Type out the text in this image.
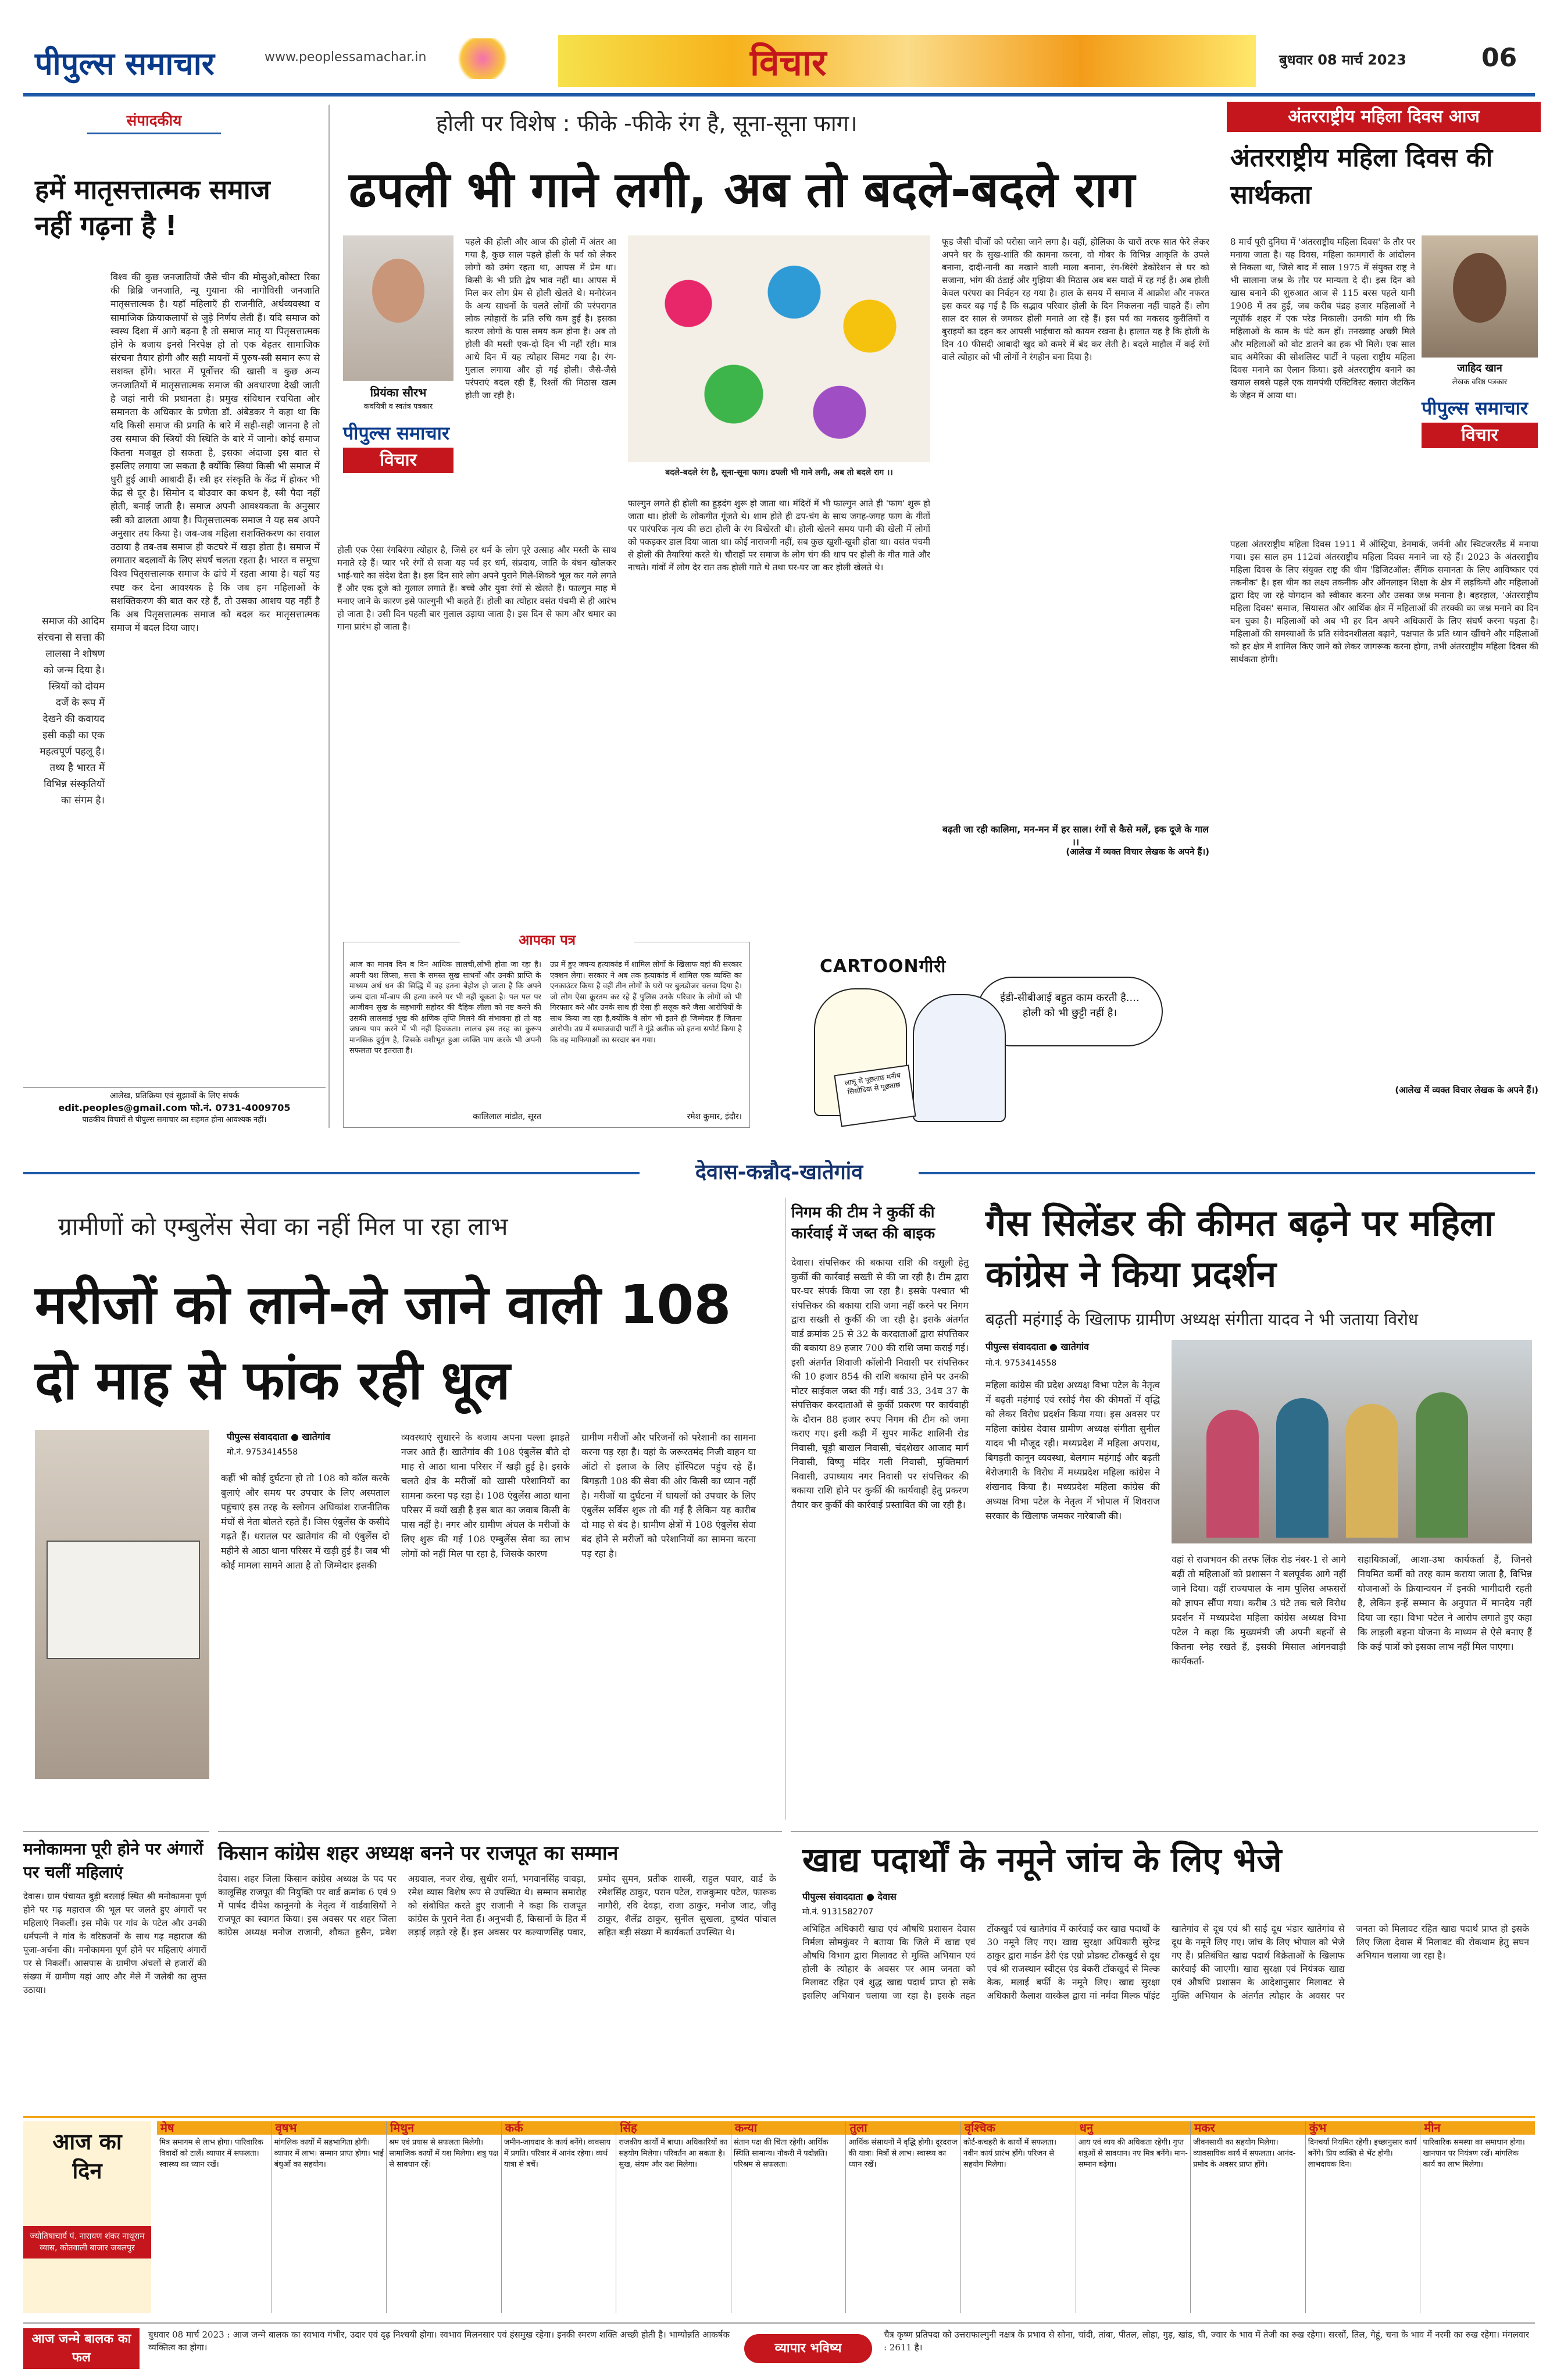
पीपुल्स समाचार	www.peoplessamachar.in	विचार	बुधवार 08 मार्च 2023	06
संपादकीय
हमें मातृसत्तात्मक समाज नहीं गढ़ना है !
विश्व की कुछ जनजातियों जैसे चीन की मोसुओ,कोस्टा रिका की ब्रिब्रि जनजाति, न्यू गुयाना की नागोविसी जनजाति मातृसत्तात्मक है। यहाँ महिलाएँ ही राजनीति, अर्थव्यवस्था व सामाजिक क्रियाकलापों से जुड़े निर्णय लेती हैं। यदि समाज को स्वस्थ दिशा में आगे बढ़ना है तो समाज मातृ या पितृसत्तात्मक होने के बजाय इनसे निरपेक्ष हो तो एक बेहतर सामाजिक संरचना तैयार होगी और सही मायनों में पुरुष-स्त्री समान रूप से सशक्त होंगे। भारत में पूर्वोत्तर की खासी व कुछ अन्य जनजातियों में मातृसत्तात्मक समाज की अवधारणा देखी जाती है जहां नारी की प्रधानता है। प्रमुख संविधान रचयिता और समानता के अधिकार के प्रणेता डॉ. अंबेडकर ने कहा था कि यदि किसी समाज की प्रगति के बारे में सही-सही जानना है तो उस समाज की स्त्रियों की स्थिति के बारे में जानो। कोई समाज कितना मजबूत हो सकता है, इसका अंदाजा इस बात से इसलिए लगाया जा सकता है क्योंकि स्त्रियां किसी भी समाज में धुरी हुई आधी आबादी हैं। स्त्री हर संस्कृति के केंद्र में होकर भी केंद्र से दूर है। सिमोन द बोउवार का कथन है, स्त्री पैदा नहीं होती, बनाई जाती है। समाज अपनी आवश्यकता के अनुसार स्त्री को ढालता आया है। पितृसत्तात्मक समाज ने यह सब अपने अनुसार तय किया है। जब-जब महिला सशक्तिकरण का सवाल उठाया है तब-तब समाज ही कटघरे में खड़ा होता है। समाज में लगातार बदलावों के लिए संघर्ष चलता रहता है। भारत व समूचा विश्व पितृसत्तात्मक समाज के ढांचे में रहता आया है। यहाँ यह स्पष्ट कर देना आवश्यक है कि जब हम महिलाओं के सशक्तिकरण की बात कर रहे हैं, तो उसका आशय यह नहीं है कि अब पितृसत्तात्मक समाज को बदल कर मातृसत्तात्मक समाज में बदल दिया जाए।
समाज की आदिम संरचना से सत्ता की लालसा ने शोषण को जन्म दिया है। स्त्रियों को दोयम दर्जे के रूप में देखने की कवायद इसी कड़ी का एक महत्वपूर्ण पहलू है। तथ्य है भारत में विभिन्न संस्कृतियों का संगम है।
आलेख, प्रतिक्रिया एवं सुझावों के लिए संपर्क
edit.peoples@gmail.com फो.नं. 0731-4009705
पाठकीय विचारों से पीपुल्स समाचार का सहमत होना आवश्यक नहीं।
होली पर विशेष : फीके -फीके रंग है, सूना-सूना फाग।
ढपली भी गाने लगी, अब तो बदले-बदले राग
प्रियंका सौरभ
कवयित्री व स्वतंत्र पत्रकार
पीपुल्स समाचार
विचार
पहले की होली और आज की होली में अंतर आ गया है, कुछ साल पहले होली के पर्व को लेकर लोगों को उमंग रहता था, आपस में प्रेम था। किसी के भी प्रति द्वेष भाव नहीं था। आपस में मिल कर लोग प्रेम से होली खेलते थे। मनोरंजन के अन्य साधनों के चलते लोगों की परंपरागत लोक त्योहारों के प्रति रुचि कम हुई है। इसका कारण लोगों के पास समय कम होना है। अब तो होली की मस्ती एक-दो दिन भी नहीं रही। मात्र आधे दिन में यह त्योहार सिमट गया है। रंग-गुलाल लगाया और हो गई होली। जैसे-जैसे परंपराएं बदल रही हैं, रिश्तों की मिठास खत्म होती जा रही है।
बदले-बदले रंग है, सूना-सूना फाग। ढपली भी गाने लगी, अब तो बदले राग ।।
होली एक ऐसा रंगबिरंगा त्योहार है, जिसे हर धर्म के लोग पूरे उत्साह और मस्ती के साथ मनाते रहे हैं। प्यार भरे रंगों से सजा यह पर्व हर धर्म, संप्रदाय, जाति के बंधन खोलकर भाई-चारे का संदेश देता है। इस दिन सारे लोग अपने पुराने गिले-शिकवे भूल कर गले लगते हैं और एक दूजे को गुलाल लगाते हैं। बच्चे और युवा रंगों से खेलते हैं। फाल्गुन माह में मनाए जाने के कारण इसे फाल्गुनी भी कहते हैं। होली का त्योहार वसंत पंचमी से ही आरंभ हो जाता है। उसी दिन पहली बार गुलाल उड़ाया जाता है। इस दिन से फाग और धमार का गाना प्रारंभ हो जाता है।
फाल्गुन लगते ही होली का हुड़दंग शुरू हो जाता था। मंदिरों में भी फाल्गुन आते ही 'फाग' शुरू हो जाता था। होली के लोकगीत गूंजते थे। शाम होते ही ढप-चंग के साथ जगह-जगह फाग के गीतों पर पारंपरिक नृत्य की छटा होली के रंग बिखेरती थी। होली खेलने समय पानी की खेली में लोगों को पकड़कर डाल दिया जाता था। कोई नाराजगी नहीं, सब कुछ खुशी-खुशी होता था। वसंत पंचमी से होली की तैयारियां करते थे। चौराहों पर समाज के लोग चंग की थाप पर होली के गीत गाते और नाचते। गांवों में लोग देर रात तक होली गाते थे तथा घर-घर जा कर होली खेलते थे।
फूड जैसी चीजों को परोसा जाने लगा है। वहीं, होलिका के चारों तरफ सात फेरे लेकर अपने घर के सुख-शांति की कामना करना, वो गोबर के विभिन्न आकृति के उपले बनाना, दादी-नानी का मखाने वाली माला बनाना, रंग-बिरंगे डेकोरेशन से घर को सजाना, भांग की ठंडाई और गुझिया की मिठास अब बस यादों में रह गई हैं। अब होली केवल परंपरा का निर्वहन रह गया है। हाल के समय में समाज में आक्रोश और नफरत इस कदर बढ़ गई है कि सद्भाव परिवार होली के दिन निकलना नहीं चाहते हैं। लोग साल दर साल से जमकर होली मनाते आ रहे हैं। इस पर्व का मकसद कुरीतियों व बुराइयों का दहन कर आपसी भाईचारा को कायम रखना है। हालात यह है कि होली के दिन 40 फीसदी आबादी खुद को कमरे में बंद कर लेती है। बदले माहौल में कई रंगों वाले त्योहार को भी लोगों ने रंगहीन बना दिया है।
बढ़ती जा रही कालिमा, मन-मन में हर साल। रंगों से कैसे मलें, इक दूजे के गाल ।।
(आलेख में व्यक्त विचार लेखक के अपने हैं।)
आपका पत्र
आज का मानव दिन ब दिन आधिक लालची,लोभी होता जा रहा है। अपनी यश लिप्सा, सत्ता के समस्त सुख साधनों और उनकी प्राप्ति के माध्यम अर्थ धन की सिद्धि में वह इतना बेहोश हो जाता है कि अपने जन्म दाता माँ-बाप की हत्या करने पर भी नहीं चूकता है। पल पल पर आजीवन सुख के सहभागी सहोदर की दैहिक लीला को नष्ट करने की उसकी लालसाई भूख की क्षणिक तृप्ति मिलने की संभावना हो तो वह जघन्य पाप करने में भी नहीं हिचकता। लालच इस तरह का कुरूप मानसिक दुर्गुण है, जिसके वशीभूत हुआ व्यक्ति पाप करके भी अपनी सफलता पर इतराता है।
कालिलाल मांडोत, सूरत
उप्र में हुए जघन्य हत्याकांड में शामिल लोगों के खिलाफ वहां की सरकार एक्शन लेगा। सरकार ने अब तक हत्याकांड में शामिल एक व्यक्ति का एनकाउंटर किया है वहीं तीन लोगों के घरों पर बुलडोजर चलवा दिया है। जो लोग ऐसा क्रूरतम कर रहे हैं पुलिस उनके परिवार के लोगों को भी गिरफ्तार करे और उनके साथ ही ऐसा ही सलूक करे जैसा आरोपियों के साथ किया जा रहा है,क्योंकि वे लोग भी इतने ही जिम्मेदार हैं जितना आरोपी। उप्र में समाजवादी पार्टी ने गुंडे अतीक को इतना सपोर्ट किया है कि वह माफियाओं का सरदार बन गया।
रमेश कुमार, इंदौर।
CARTOONगीरी
ईडी-सीबीआई बहुत काम करती है.... होली को भी छुट्टी नहीं है।
लालू से पूछताछ मनीष सिसोदिया से पूछताछ
अंतरराष्ट्रीय महिला दिवस आज
अंतरराष्ट्रीय महिला दिवस की सार्थकता
8 मार्च पूरी दुनिया में 'अंतरराष्ट्रीय महिला दिवस' के तौर पर मनाया जाता है। यह दिवस, महिला कामगारों के आंदोलन से निकला था, जिसे बाद में साल 1975 में संयुक्त राष्ट्र ने भी सालाना जश्न के तौर पर मान्यता दे दी। इस दिन को खास बनाने की शुरुआत आज से 115 बरस पहले यानी 1908 में तब हुई, जब करीब पंद्रह हजार महिलाओं ने न्यूयॉर्क शहर में एक परेड निकाली। उनकी मांग थी कि महिलाओं के काम के घंटे कम हों। तनख्वाह अच्छी मिले और महिलाओं को वोट डालने का हक भी मिले। एक साल बाद अमेरिका की सोशलिस्ट पार्टी ने पहला राष्ट्रीय महिला दिवस मनाने का ऐलान किया। इसे अंतरराष्ट्रीय बनाने का खयाल सबसे पहले एक वामपंथी एक्टिविस्ट क्लारा जेटकिन के जेहन में आया था।
जाहिद खान
लेखक वरिष्ठ पत्रकार
पीपुल्स समाचार
विचार
पहला अंतरराष्ट्रीय महिला दिवस 1911 में ऑस्ट्रिया, डेनमार्क, जर्मनी और स्विटजरलैंड में मनाया गया। इस साल हम 112वां अंतरराष्ट्रीय महिला दिवस मनाने जा रहे हैं। 2023 के अंतरराष्ट्रीय महिला दिवस के लिए संयुक्त राष्ट्र की थीम 'डिजिटऑल: लैंगिक समानता के लिए आविष्कार एवं तकनीक' है। इस थीम का लक्ष्य तकनीक और ऑनलाइन शिक्षा के क्षेत्र में लड़कियों और महिलाओं द्वारा दिए जा रहे योगदान को स्वीकार करना और उसका जश्न मनाना है। बहरहाल, 'अंतरराष्ट्रीय महिला दिवस' समाज, सियासत और आर्थिक क्षेत्र में महिलाओं की तरक्की का जश्न मनाने का दिन बन चुका है। महिलाओं को अब भी हर दिन अपने अधिकारों के लिए संघर्ष करना पड़ता है। महिलाओं की समस्याओं के प्रति संवेदनशीलता बढ़ाने, पक्षपात के प्रति ध्यान खींचने और महिलाओं को हर क्षेत्र में शामिल किए जाने को लेकर जागरूक करना होगा, तभी अंतरराष्ट्रीय महिला दिवस की सार्थकता होगी।
(आलेख में व्यक्त विचार लेखक के अपने हैं।)
देवास-कन्नौद-खातेगांव
ग्रामीणों को एम्बुलेंस सेवा का नहीं मिल पा रहा लाभ
मरीजों को लाने-ले जाने वाली 108 दो माह से फांक रही धूल
पीपुल्स संवाददाता ● खातेगांव
मो.नं. 9753414558
कहीं भी कोई दुर्घटना हो तो 108 को कॉल करके बुलाएं और समय पर उपचार के लिए अस्पताल पहुंचाएं इस तरह के स्लोगन अधिकांश राजनीतिक मंचों से नेता बोलते रहते हैं। जिस एंबुलेंस के कसीदे गढ़ते हैं। धरातल पर खातेगांव की वो एंबुलेंस दो महीने से आठा थाना परिसर में खड़ी हुई है। जब भी कोई मामला सामने आता है तो जिम्मेदार इसकी
व्यवस्थाएं सुधारने के बजाय अपना पल्ला झाड़ते नजर आते हैं। खातेगांव की 108 एंबुलेंस बीते दो माह से आठा थाना परिसर में खड़ी हुई है। इसके चलते क्षेत्र के मरीजों को खासी परेशानियों का सामना करना पड़ रहा है। 108 एंबुलेंस आठा थाना परिसर में क्यों खड़ी है इस बात का जवाब किसी के पास नहीं है। नगर और ग्रामीण अंचल के मरीजों के लिए शुरू की गई 108 एम्बुलेंस सेवा का लाभ लोगों को नहीं मिल पा रहा है, जिसके कारण
ग्रामीण मरीजों और परिजनों को परेशानी का सामना करना पड़ रहा है। यहां के जरूरतमंद निजी वाहन या ऑटो से इलाज के लिए हॉस्पिटल पहुंच रहे हैं। बिगड़ती 108 की सेवा की ओर किसी का ध्यान नहीं है। मरीजों या दुर्घटना में घायलों को उपचार के लिए एंबुलेंस सर्विस शुरू तो की गई है लेकिन यह कारीब दो माह से बंद है। ग्रामीण क्षेत्रों में 108 एंबुलेंस सेवा बंद होने से मरीजों को परेशानियों का सामना करना पड़ रहा है।
निगम की टीम ने कुर्की की कार्रवाई में जब्त की बाइक
देवास। संपत्तिकर की बकाया राशि की वसूली हेतु कुर्की की कार्रवाई सख्ती से की जा रही है। टीम द्वारा घर-घर संपर्क किया जा रहा है। इसके पश्चात भी संपत्तिकर की बकाया राशि जमा नहीं करने पर निगम द्वारा सख्ती से कुर्की की जा रही है। इसके अंतर्गत वार्ड क्रमांक 25 से 32 के करदाताओं द्वारा संपत्तिकर की बकाया 89 हजार 700 की राशि जमा कराई गई। इसी अंतर्गत शिवाजी कॉलोनी निवासी पर संपत्तिकर की 10 हजार 854 की राशि बकाया होने पर उनकी मोटर साईकल जब्त की गई। वार्ड 33, 34व 37 के संपत्तिकर करदाताओं से कुर्की प्रकरण पर कार्यवाही के दौरान 88 हजार रुपए निगम की टीम को जमा कराए गए। इसी कड़ी में सुपर मार्केट शालिनी रोड निवासी, चूड़ी बाखल निवासी, चंदशेखर आजाद मार्ग निवासी, विष्णु मंदिर गली निवासी, मुक्तिमार्ग निवासी, उपाध्याय नगर निवासी पर संपत्तिकर की बकाया राशि होने पर कुर्की की कार्यवाही हेतु प्रकरण तैयार कर कुर्की की कार्रवाई प्रस्तावित की जा रही है।
गैस सिलेंडर की कीमत बढ़ने पर महिला कांग्रेस ने किया प्रदर्शन
बढ़ती महंगाई के खिलाफ ग्रामीण अध्यक्ष संगीता यादव ने भी जताया विरोध
पीपुल्स संवाददाता ● खातेगांव
मो.नं. 9753414558
महिला कांग्रेस की प्रदेश अध्यक्ष विभा पटेल के नेतृत्व में बढ़ती महंगाई एवं रसोई गैस की कीमतों में वृद्धि को लेकर विरोध प्रदर्शन किया गया। इस अवसर पर महिला कांग्रेस देवास ग्रामीण अध्यक्ष संगीता सुनील यादव भी मौजूद रही। मध्यप्रदेश में महिला अपराध, बिगड़ती कानून व्यवस्था, बेलगाम महंगाई और बढ़ती बेरोजगारी के विरोध में मध्यप्रदेश महिला कांग्रेस ने शंखनाद किया है। मध्यप्रदेश महिला कांग्रेस की अध्यक्ष विभा पटेल के नेतृत्व में भोपाल में शिवराज सरकार के खिलाफ जमकर नारेबाजी की।
वहां से राजभवन की तरफ लिंक रोड नंबर-1 से आगे बढ़ीं तो महिलाओं को प्रशासन ने बलपूर्वक आगे नहीं जाने दिया। वहीं राज्यपाल के नाम पुलिस अफसरों को ज्ञापन सौंपा गया। करीब 3 घंटे तक चले विरोध प्रदर्शन में मध्यप्रदेश महिला कांग्रेस अध्यक्ष विभा पटेल ने कहा कि मुख्यमंत्री जी अपनी बहनों से कितना स्नेह रखते हैं, इसकी मिसाल आंगनवाड़ी कार्यकर्ता-
सहायिकाओं, आशा-उषा कार्यकर्ता हैं, जिनसे नियमित कर्मी को तरह काम कराया जाता है, विभिन्न योजनाओं के क्रियान्वयन में इनकी भागीदारी रहती है, लेकिन इन्हें सम्मान के अनुपात में मानदेय नहीं दिया जा रहा। विभा पटेल ने आरोप लगाते हुए कहा कि लाड़ली बहना योजना के माध्यम से ऐसे बनाए हैं कि कई पात्रों को इसका लाभ नहीं मिल पाएगा।
मनोकामना पूरी होने पर अंगारों पर चलीं महिलाएं
देवास। ग्राम पंचायत बुड़ी बरलाई स्थित श्री मनोकामना पूर्ण होने पर गढ़ महाराज की भूल पर जलते हुए अंगारों पर महिलाएं निकलीं। इस मौके पर गांव के पटेल और उनकी धर्मपत्नी ने गांव के वरिष्ठजनों के साथ गढ़ महाराज की पूजा-अर्चना की। मनोकामना पूर्ण होने पर महिलाएं अंगारों पर से निकलीं। आसपास के ग्रामीण अंचलों से हजारों की संख्या में ग्रामीण यहां आए और मेले में जलेबी का लुफ्त उठाया।
किसान कांग्रेस शहर अध्यक्ष बनने पर राजपूत का सम्मान
देवास। शहर जिला किसान कांग्रेस अध्यक्ष के पद पर कालूसिंह राजपूत की नियुक्ति पर वार्ड क्रमांक 6 एवं 9 में पार्षद दीपेश कानूनगो के नेतृत्व में वार्डवासियों ने राजपूत का स्वागत किया। इस अवसर पर शहर जिला कांग्रेस अध्यक्ष मनोज राजानी, शौकत हुसैन, प्रवेश अग्रवाल, नजर शेख, सुधीर शर्मा, भगवानसिंह चावड़ा, रमेश व्यास विशेष रूप से उपस्थित थे। सम्मान समारोह को संबोधित करते हुए राजानी ने कहा कि राजपूत कांग्रेस के पुराने नेता हैं। अनुभवी हैं, किसानों के हित में लड़ाई लड़ते रहे हैं। इस अवसर पर कल्याणसिंह पवार, प्रमोद सुमन, प्रतीक शास्त्री, राहुल पवार, वार्ड के रमेशसिंह ठाकुर, परान पटेल, राजकुमार पटेल, फारूक नागौरी, रवि देवड़ा, राजा ठाकुर, मनोज जाट, जीतू ठाकुर, शैलेंद्र ठाकुर, सुनील सुखला, दुष्यंत पांचाल सहित बड़ी संख्या में कार्यकर्ता उपस्थित थे।
खाद्य पदार्थों के नमूने जांच के लिए भेजे
पीपुल्स संवाददाता ● देवास
मो.नं. 9131582707
अभिहित अधिकारी खाद्य एवं औषधि प्रशासन देवास निर्मला सोमकुंवर ने बताया कि जिले में खाद्य एवं औषधि विभाग द्वारा मिलावट से मुक्ति अभियान एवं होली के त्योहार के अवसर पर आम जनता को मिलावट रहित एवं शुद्ध खाद्य पदार्थ प्राप्त हो सके इसलिए अभियान चलाया जा रहा है। इसके तहत टोंकखुर्द एवं खातेगांव में कार्रवाई कर खाद्य पदार्थों के 30 नमूने लिए गए। खाद्य सुरक्षा अधिकारी सुरेन्द्र ठाकुर द्वारा मार्डन डेरी एंड एग्रो प्रोडक्ट टोंकखुर्द से दूध एवं श्री राजस्थान स्वीट्स एंड बेकरी टोंकखुर्द से मिल्क केक, मलाई बर्फी के नमूने लिए। खाद्य सुरक्षा अधिकारी कैलाश वास्केल द्वारा मां नर्मदा मिल्क पॉइंट खातेगांव से दूध एवं श्री साई दूध भंडार खातेगांव से दूध के नमूने लिए गए। जांच के लिए भोपाल को भेजे गए हैं। प्रतिबंधित खाद्य पदार्थ बिक्रेताओं के खिलाफ कार्रवाई की जाएगी। खाद्य सुरक्षा एवं नियंत्रक खाद्य एवं औषधि प्रशासन के आदेशानुसार मिलावट से मुक्ति अभियान के अंतर्गत त्योहार के अवसर पर जनता को मिलावट रहित खाद्य पदार्थ प्राप्त हो इसके लिए जिला देवास में मिलावट की रोकथाम हेतु सघन अभियान चलाया जा रहा है।
आज का दिन
ज्योतिषाचार्य पं. नारायण शंकर नाथूराम व्यास, कोतवाली बाजार जबलपुर
मेष
मित्र समागम से लाभ होगा। पारिवारिक विवादों को टालें। व्यापार में सफलता। स्वास्थ्य का ध्यान रखें।
वृषभ
मांगलिक कार्यों में सहभागिता होगी। व्यापार में लाभ। सम्मान प्राप्त होगा। भाई बंधुओं का सहयोग।
मिथुन
श्रम एवं प्रयास से सफलता मिलेगी। सामाजिक कार्यों में यश मिलेगा। शत्रु पक्ष से सावधान रहें।
कर्क
जमीन-जायदाद के कार्य बनेंगे। व्यवसाय में प्रगति। परिवार में आनंद रहेगा। व्यर्थ यात्रा से बचें।
सिंह
राजकीय कार्यों में बाधा। अधिकारियों का सहयोग मिलेगा। परिवर्तन आ सकता है। सुख, संयम और यश मिलेगा।
कन्या
संतान पक्ष की चिंता रहेगी। आर्थिक स्थिति सामान्य। नौकरी में पदोन्नति। परिश्रम से सफलता।
तुला
आर्थिक संसाधनों में वृद्धि होगी। दूरदराज की यात्रा। मित्रों से लाभ। स्वास्थ्य का ध्यान रखें।
वृश्चिक
कोर्ट-कचहरी के कार्यों में सफलता। नवीन कार्य प्रारंभ होंगे। परिजन से सहयोग मिलेगा।
धनु
आय एवं व्यय की अधिकता रहेगी। गुप्त शत्रुओं से सावधान। नए मित्र बनेंगे। मान-सम्मान बढ़ेगा।
मकर
जीवनसाथी का सहयोग मिलेगा। व्यावसायिक कार्य में सफलता। आनंद-प्रमोद के अवसर प्राप्त होंगे।
कुंभ
दिनचर्या नियमित रहेगी। इच्छानुसार कार्य बनेंगे। प्रिय व्यक्ति से भेंट होगी। लाभदायक दिन।
मीन
पारिवारिक समस्या का समाधान होगा। खानपान पर नियंत्रण रखें। मांगलिक कार्य का लाभ मिलेगा।
आज जन्मे बालक का फल
बुधवार 08 मार्च 2023 : आज जन्मे बालक का स्वभाव गंभीर, उदार एवं दृढ़ निश्चयी होगा। स्वभाव मिलनसार एवं हंसमुख रहेगा। इनकी स्मरण शक्ति अच्छी होती है। भाग्योन्नति आकर्षक व्यक्तित्व का होगा।	व्यापार भविष्य
चैत्र कृष्ण प्रतिपदा को उत्तराफाल्गुनी नक्षत्र के प्रभाव से सोना, चांदी, तांबा, पीतल, लोहा, गुड़, खांड, घी, ज्वार के भाव में तेजी का रुख रहेगा। सरसों, तिल, गेहूं, चना के भाव में नरमी का रुख रहेगा। मंगलवार : 2611 है।
